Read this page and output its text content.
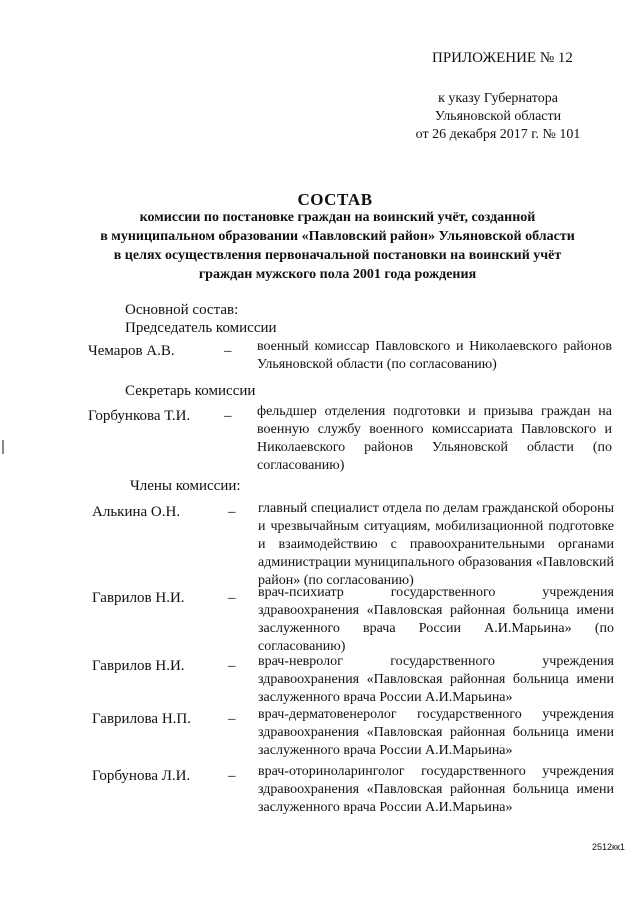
ПРИЛОЖЕНИЕ № 12
к указу Губернатора
Ульяновской области
от 26 декабря 2017 г. № 101
СОСТАВ
комиссии по постановке граждан на воинский учёт, созданной
в муниципальном образовании «Павловский район» Ульяновской области
в целях осуществления первоначальной постановки на воинский учёт
граждан мужского пола 2001 года рождения
Основной состав:
Председатель комиссии
Чемаров А.В.	– военный комиссар Павловского и Николаевского районов Ульяновской области (по согласованию)
Секретарь комиссии
Горбункова Т.И. – фельдшер отделения подготовки и призыва граждан на военную службу военного комиссариата Павловского и Николаевского районов Ульяновской области (по согласованию)
Члены комиссии:
Алькина О.Н.	– главный специалист отдела по делам гражданской обороны и чрезвычайным ситуациям, мобилизационной подготовке и взаимодействию с правоохранительными органами администрации муниципального образования «Павловский район» (по согласованию)
Гаврилов Н.И.	– врач-психиатр государственного учреждения здравоохранения «Павловская районная больница имени заслуженного врача России А.И.Марьина» (по согласованию)
Гаврилов Н.И.	– врач-невролог государственного учреждения здравоохранения «Павловская районная больница имени заслуженного врача России А.И.Марьина»
Гаврилова Н.П. – врач-дерматовенеролог государственного учреждения здравоохранения «Павловская районная больница имени заслуженного врача России А.И.Марьина»
Горбунова Л.И.	– врач-оториноларинголог государственного учреждения здравоохранения «Павловская районная больница имени заслуженного врача России А.И.Марьина»
2512кк1
